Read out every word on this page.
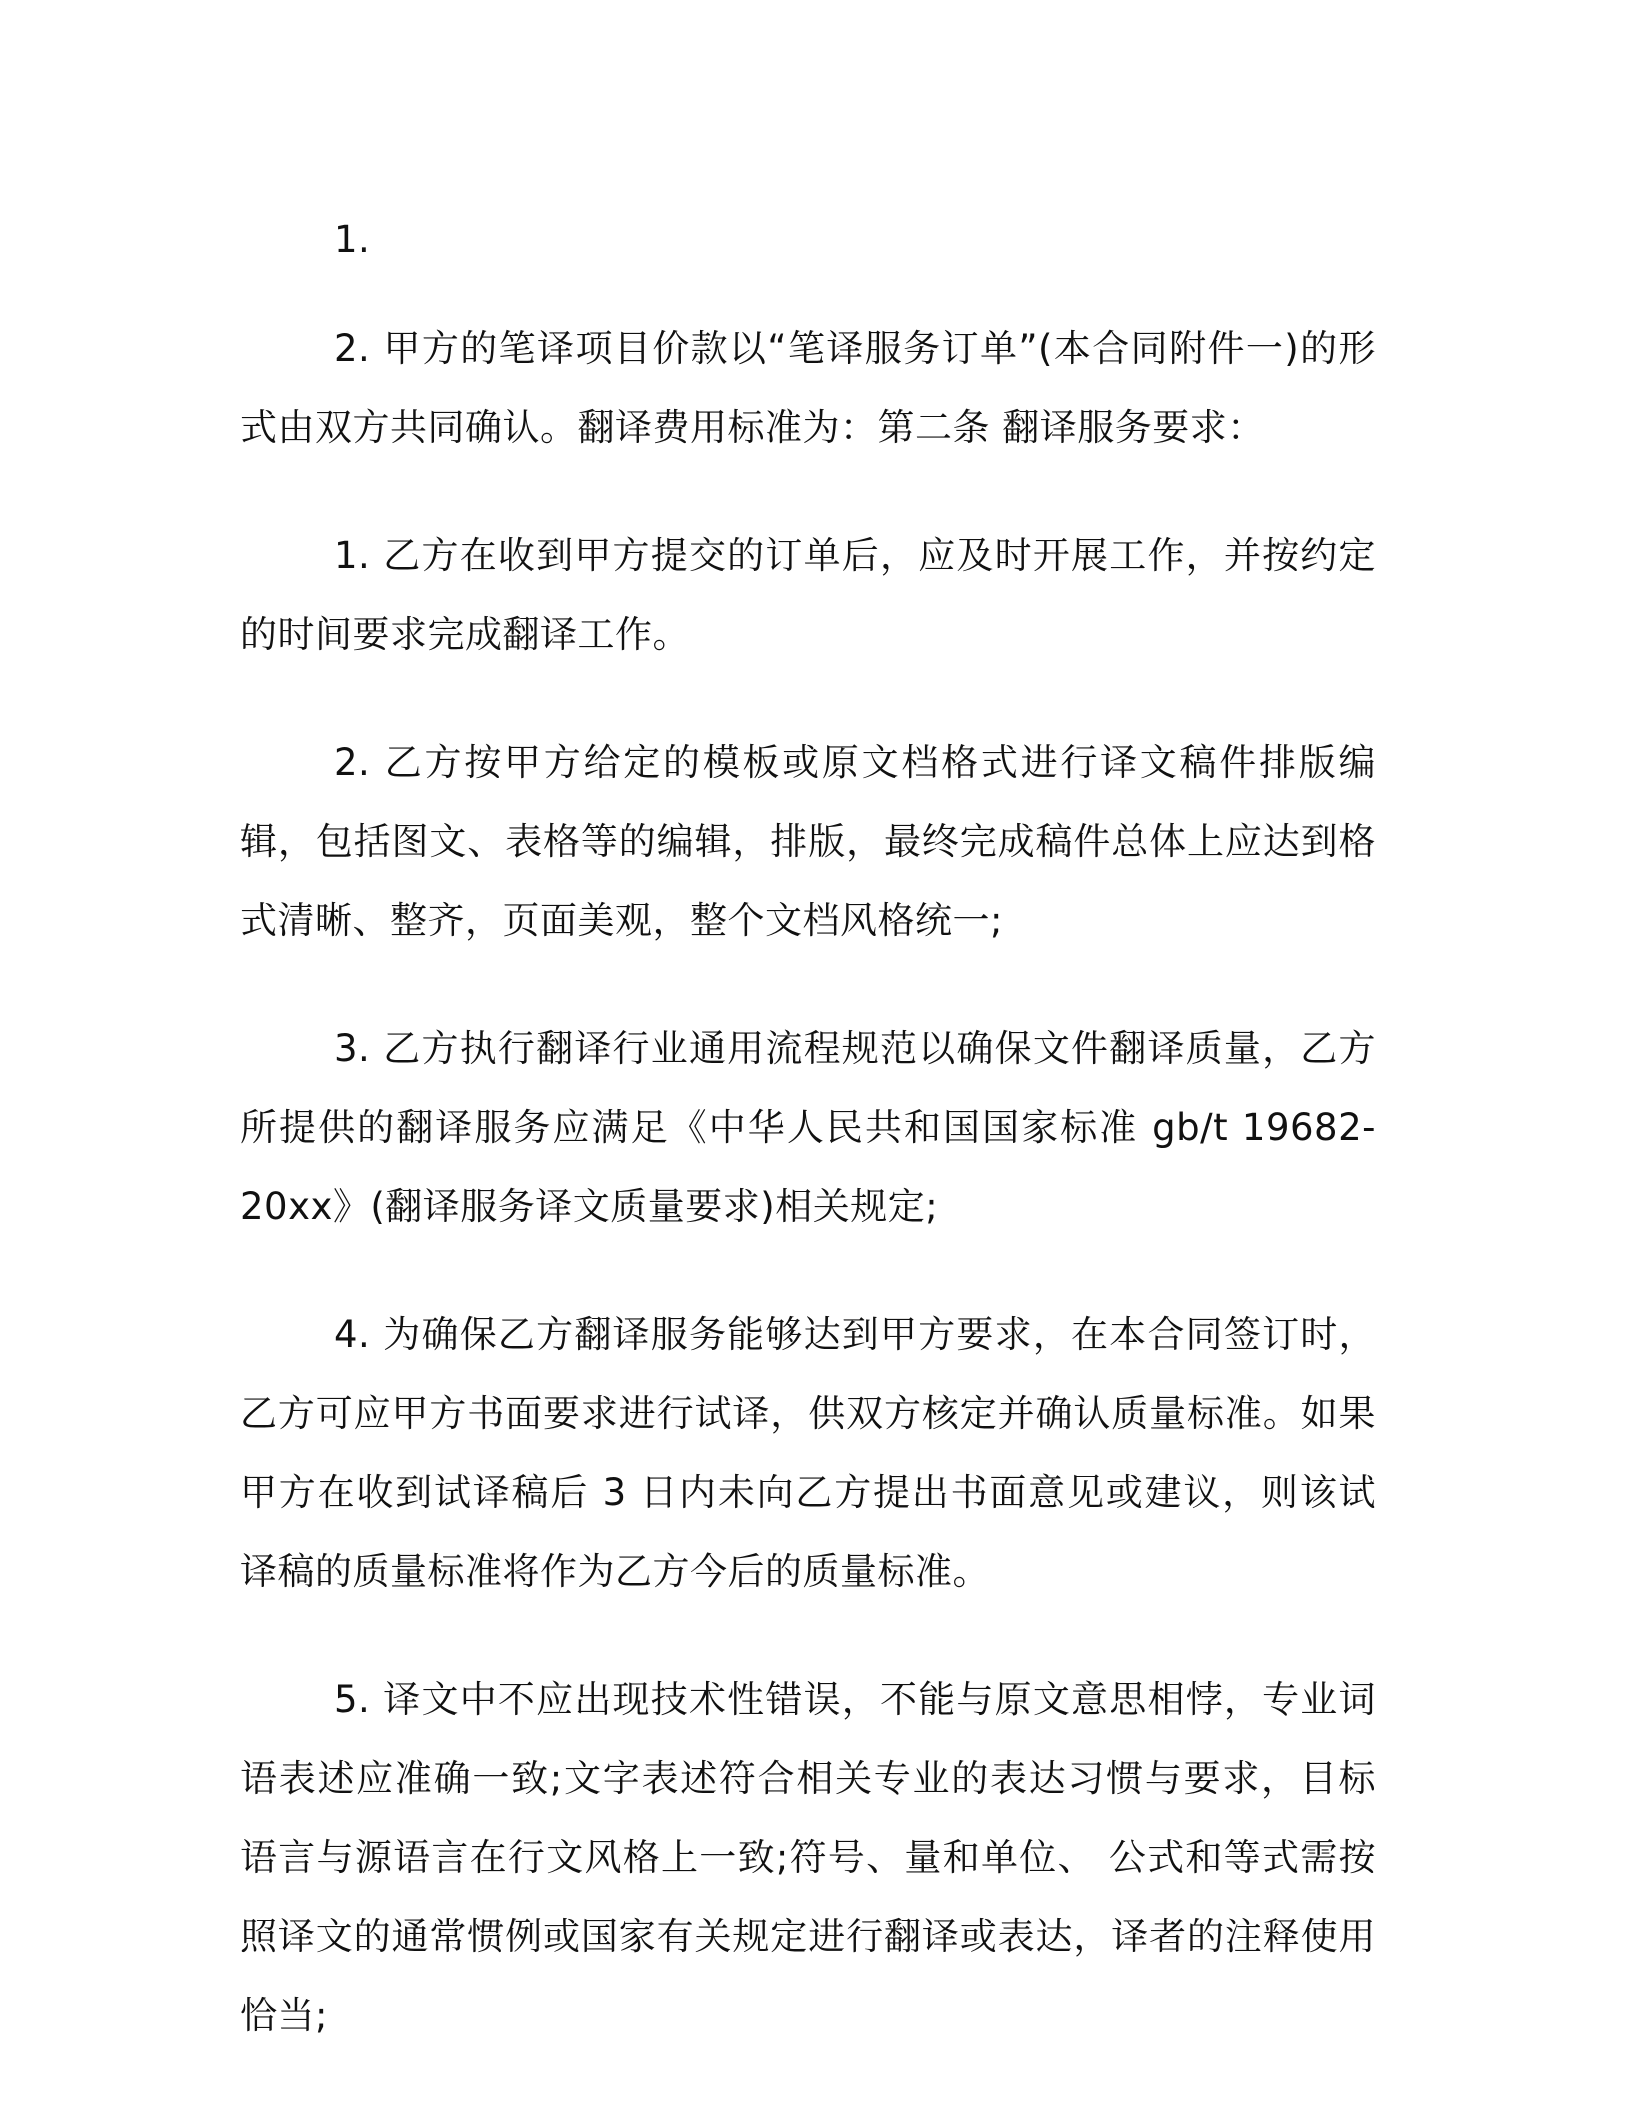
1.

2. 甲方的笔译项目价款以“笔译服务订单”(本合同附件一)的形式由双方共同确认。翻译费用标准为：第二条 翻译服务要求：

1. 乙方在收到甲方提交的订单后，应及时开展工作，并按约定的时间要求完成翻译工作。

2. 乙方按甲方给定的模板或原文档格式进行译文稿件排版编辑，包括图文、表格等的编辑，排版，最终完成稿件总体上应达到格式清晰、整齐，页面美观，整个文档风格统一;

3. 乙方执行翻译行业通用流程规范以确保文件翻译质量，乙方所提供的翻译服务应满足《中华人民共和国国家标准 gb/t 19682-20xx》(翻译服务译文质量要求)相关规定;

4. 为确保乙方翻译服务能够达到甲方要求，在本合同签订时，乙方可应甲方书面要求进行试译，供双方核定并确认质量标准。如果甲方在收到试译稿后 3 日内未向乙方提出书面意见或建议，则该试译稿的质量标准将作为乙方今后的质量标准。

5. 译文中不应出现技术性错误，不能与原文意思相悖，专业词语表述应准确一致;文字表述符合相关专业的表达习惯与要求，目标语言与源语言在行文风格上一致;符号、量和单位、 公式和等式需按照译文的通常惯例或国家有关规定进行翻译或表达，译者的注释使用恰当;
